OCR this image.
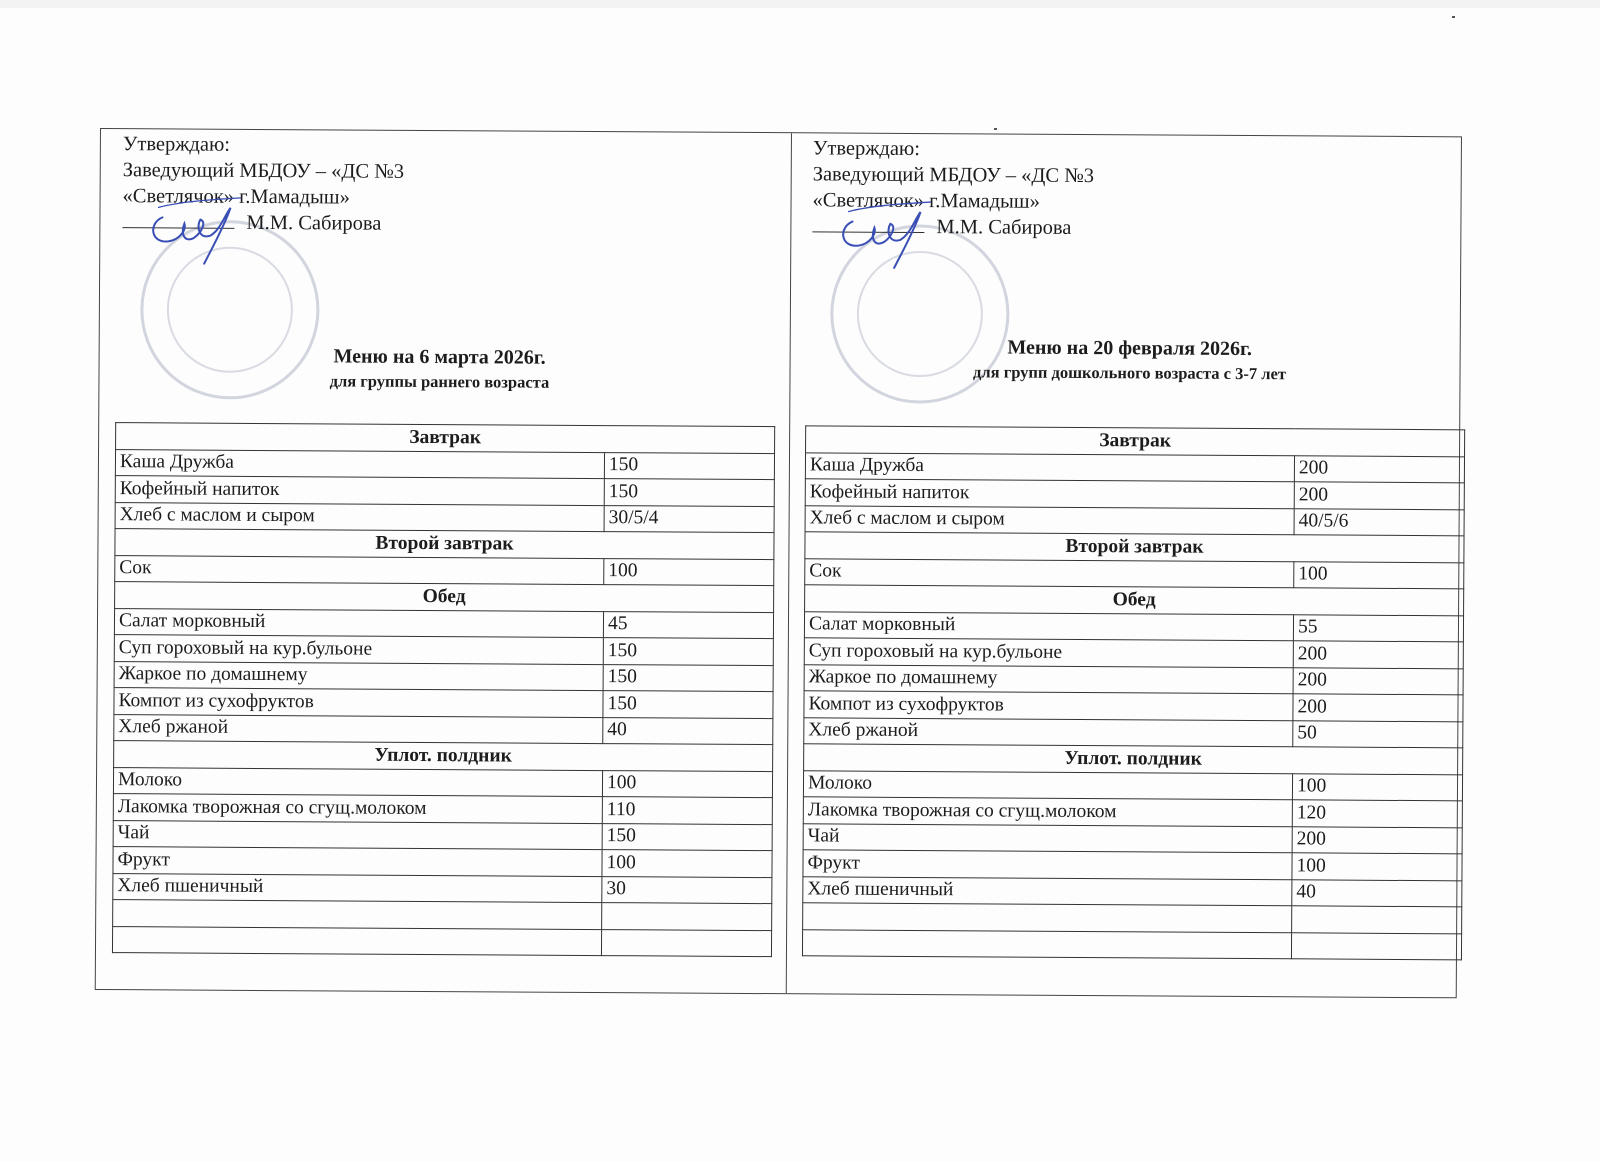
Утверждаю:
Заведующий МБДОУ – «ДС №3
«Светлячок» г.Мамадыш»
М.М. Сабирова
Меню на 6 марта 2026г.
для группы раннего возраста
Завтрак	
Каша Дружба	150
Кофейный напиток	150
Хлеб с маслом и сыром	30/5/4
Второй завтрак	
Сок	100
Обед	
Салат морковный	45
Суп гороховый на кур.бульоне	150
Жаркое по домашнему	150
Компот из сухофруктов	150
Хлеб ржаной	40
Уплот. полдник	
Молоко	100
Лакомка творожная со сгущ.молоком	110
Чай	150
Фрукт	100
Хлеб пшеничный	30

Утверждаю:
Заведующий МБДОУ – «ДС №3
«Светлячок» г.Мамадыш»
М.М. Сабирова
Меню на 20 февраля 2026г.
для групп дошкольного возраста с 3-7 лет
Завтрак	
Каша Дружба	200
Кофейный напиток	200
Хлеб с маслом и сыром	40/5/6
Второй завтрак	
Сок	100
Обед	
Салат морковный	55
Суп гороховый на кур.бульоне	200
Жаркое по домашнему	200
Компот из сухофруктов	200
Хлеб ржаной	50
Уплот. полдник	
Молоко	100
Лакомка творожная со сгущ.молоком	120
Чай	200
Фрукт	100
Хлеб пшеничный	40
